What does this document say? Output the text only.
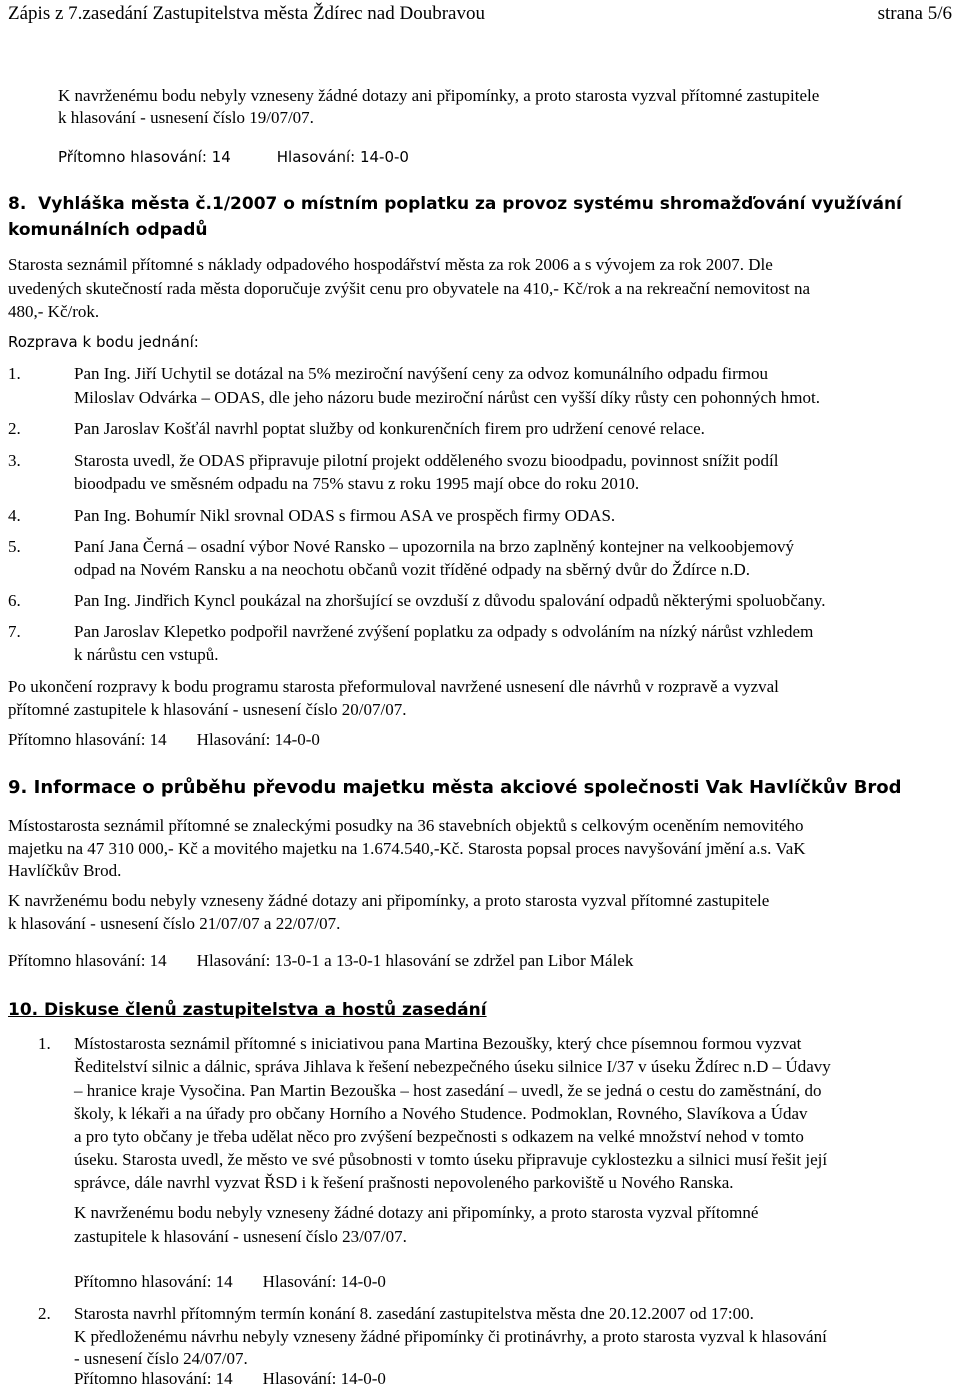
Zápis z 7.zasedání Zastupitelstva města Ždírec nad Doubravou	strana 5/6
K navrženému bodu nebyly vzneseny žádné dotazy ani připomínky, a proto starosta vyzval přítomné zastupitele
k hlasování - usnesení číslo 19/07/07.
Přítomno hlasování: 14	Hlasování: 14-0-0
8. Vyhláška města č.1/2007 o místním poplatku za provoz systému shromažďování využívání
komunálních odpadů
Starosta seznámil přítomné s náklady odpadového hospodářství města za rok 2006 a s vývojem za rok 2007. Dle
uvedených skutečností rada města doporučuje zvýšit cenu pro obyvatele na 410,- Kč/rok a na rekreační nemovitost na
480,- Kč/rok.
Rozprava k bodu jednání:
1.	Pan Ing. Jiří Uchytil se dotázal na 5% meziroční navýšení ceny za odvoz komunálního odpadu firmou
Miloslav Odvárka – ODAS, dle jeho názoru bude meziroční nárůst cen vyšší díky růsty cen pohonných hmot.
2.	Pan Jaroslav Košťál navrhl poptat služby od konkurenčních firem pro udržení cenové relace.
3.	Starosta uvedl, že ODAS připravuje pilotní projekt odděleného svozu bioodpadu, povinnost snížit podíl
bioodpadu ve směsném odpadu na 75% stavu z roku 1995 mají obce do roku 2010.
4.	Pan Ing. Bohumír Nikl srovnal ODAS s firmou ASA ve prospěch firmy ODAS.
5.	Paní Jana Černá – osadní výbor Nové Ransko – upozornila na brzo zaplněný kontejner na velkoobjemový
odpad na Novém Ransku a na neochotu občanů vozit tříděné odpady na sběrný dvůr do Ždírce n.D.
6.	Pan Ing. Jindřich Kyncl poukázal na zhoršující se ovzduší z důvodu spalování odpadů některými spoluobčany.
7.	Pan Jaroslav Klepetko podpořil navržené zvýšení poplatku za odpady s odvoláním na nízký nárůst vzhledem
k nárůstu cen vstupů.
Po ukončení rozpravy k bodu programu starosta přeformuloval navržené usnesení dle návrhů v rozpravě a vyzval
přítomné zastupitele k hlasování - usnesení číslo 20/07/07.
Přítomno hlasování: 14 Hlasování: 14-0-0
9. Informace o průběhu převodu majetku města akciové společnosti Vak Havlíčkův Brod
Místostarosta seznámil přítomné se znaleckými posudky na 36 stavebních objektů s celkovým oceněním nemovitého
majetku na 47 310 000,- Kč a movitého majetku na 1.674.540,-Kč. Starosta popsal proces navyšování jmění a.s. VaK
Havlíčkův Brod.
K navrženému bodu nebyly vzneseny žádné dotazy ani připomínky, a proto starosta vyzval přítomné zastupitele
k hlasování - usnesení číslo 21/07/07 a 22/07/07.
Přítomno hlasování: 14 Hlasování: 13-0-1 a 13-0-1 hlasování se zdržel pan Libor Málek
10. Diskuse členů zastupitelstva a hostů zasedání
1. Místostarosta seznámil přítomné s iniciativou pana Martina Bezoušky, který chce písemnou formou vyzvat
Ředitelství silnic a dálnic, správa Jihlava k řešení nebezpečného úseku silnice I/37 v úseku Ždírec n.D – Údavy
– hranice kraje Vysočina. Pan Martin Bezouška – host zasedání – uvedl, že se jedná o cestu do zaměstnání, do
školy, k lékaři a na úřady pro občany Horního a Nového Studence. Podmoklan, Rovného, Slavíkova a Údav
a pro tyto občany je třeba udělat něco pro zvýšení bezpečnosti s odkazem na velké množství nehod v tomto
úseku. Starosta uvedl, že město ve své působnosti v tomto úseku připravuje cyklostezku a silnici musí řešit její
správce, dále navrhl vyzvat ŘSD i k řešení prašnosti nepovoleného parkoviště u Nového Ranska.
K navrženému bodu nebyly vzneseny žádné dotazy ani připomínky, a proto starosta vyzval přítomné
zastupitele k hlasování - usnesení číslo 23/07/07.
Přítomno hlasování: 14 Hlasování: 14-0-0
2. Starosta navrhl přítomným termín konání 8. zasedání zastupitelstva města dne 20.12.2007 od 17:00.
K předloženému návrhu nebyly vzneseny žádné připomínky či protinávrhy, a proto starosta vyzval k hlasování
- usnesení číslo 24/07/07.
Přítomno hlasování: 14 Hlasování: 14-0-0
